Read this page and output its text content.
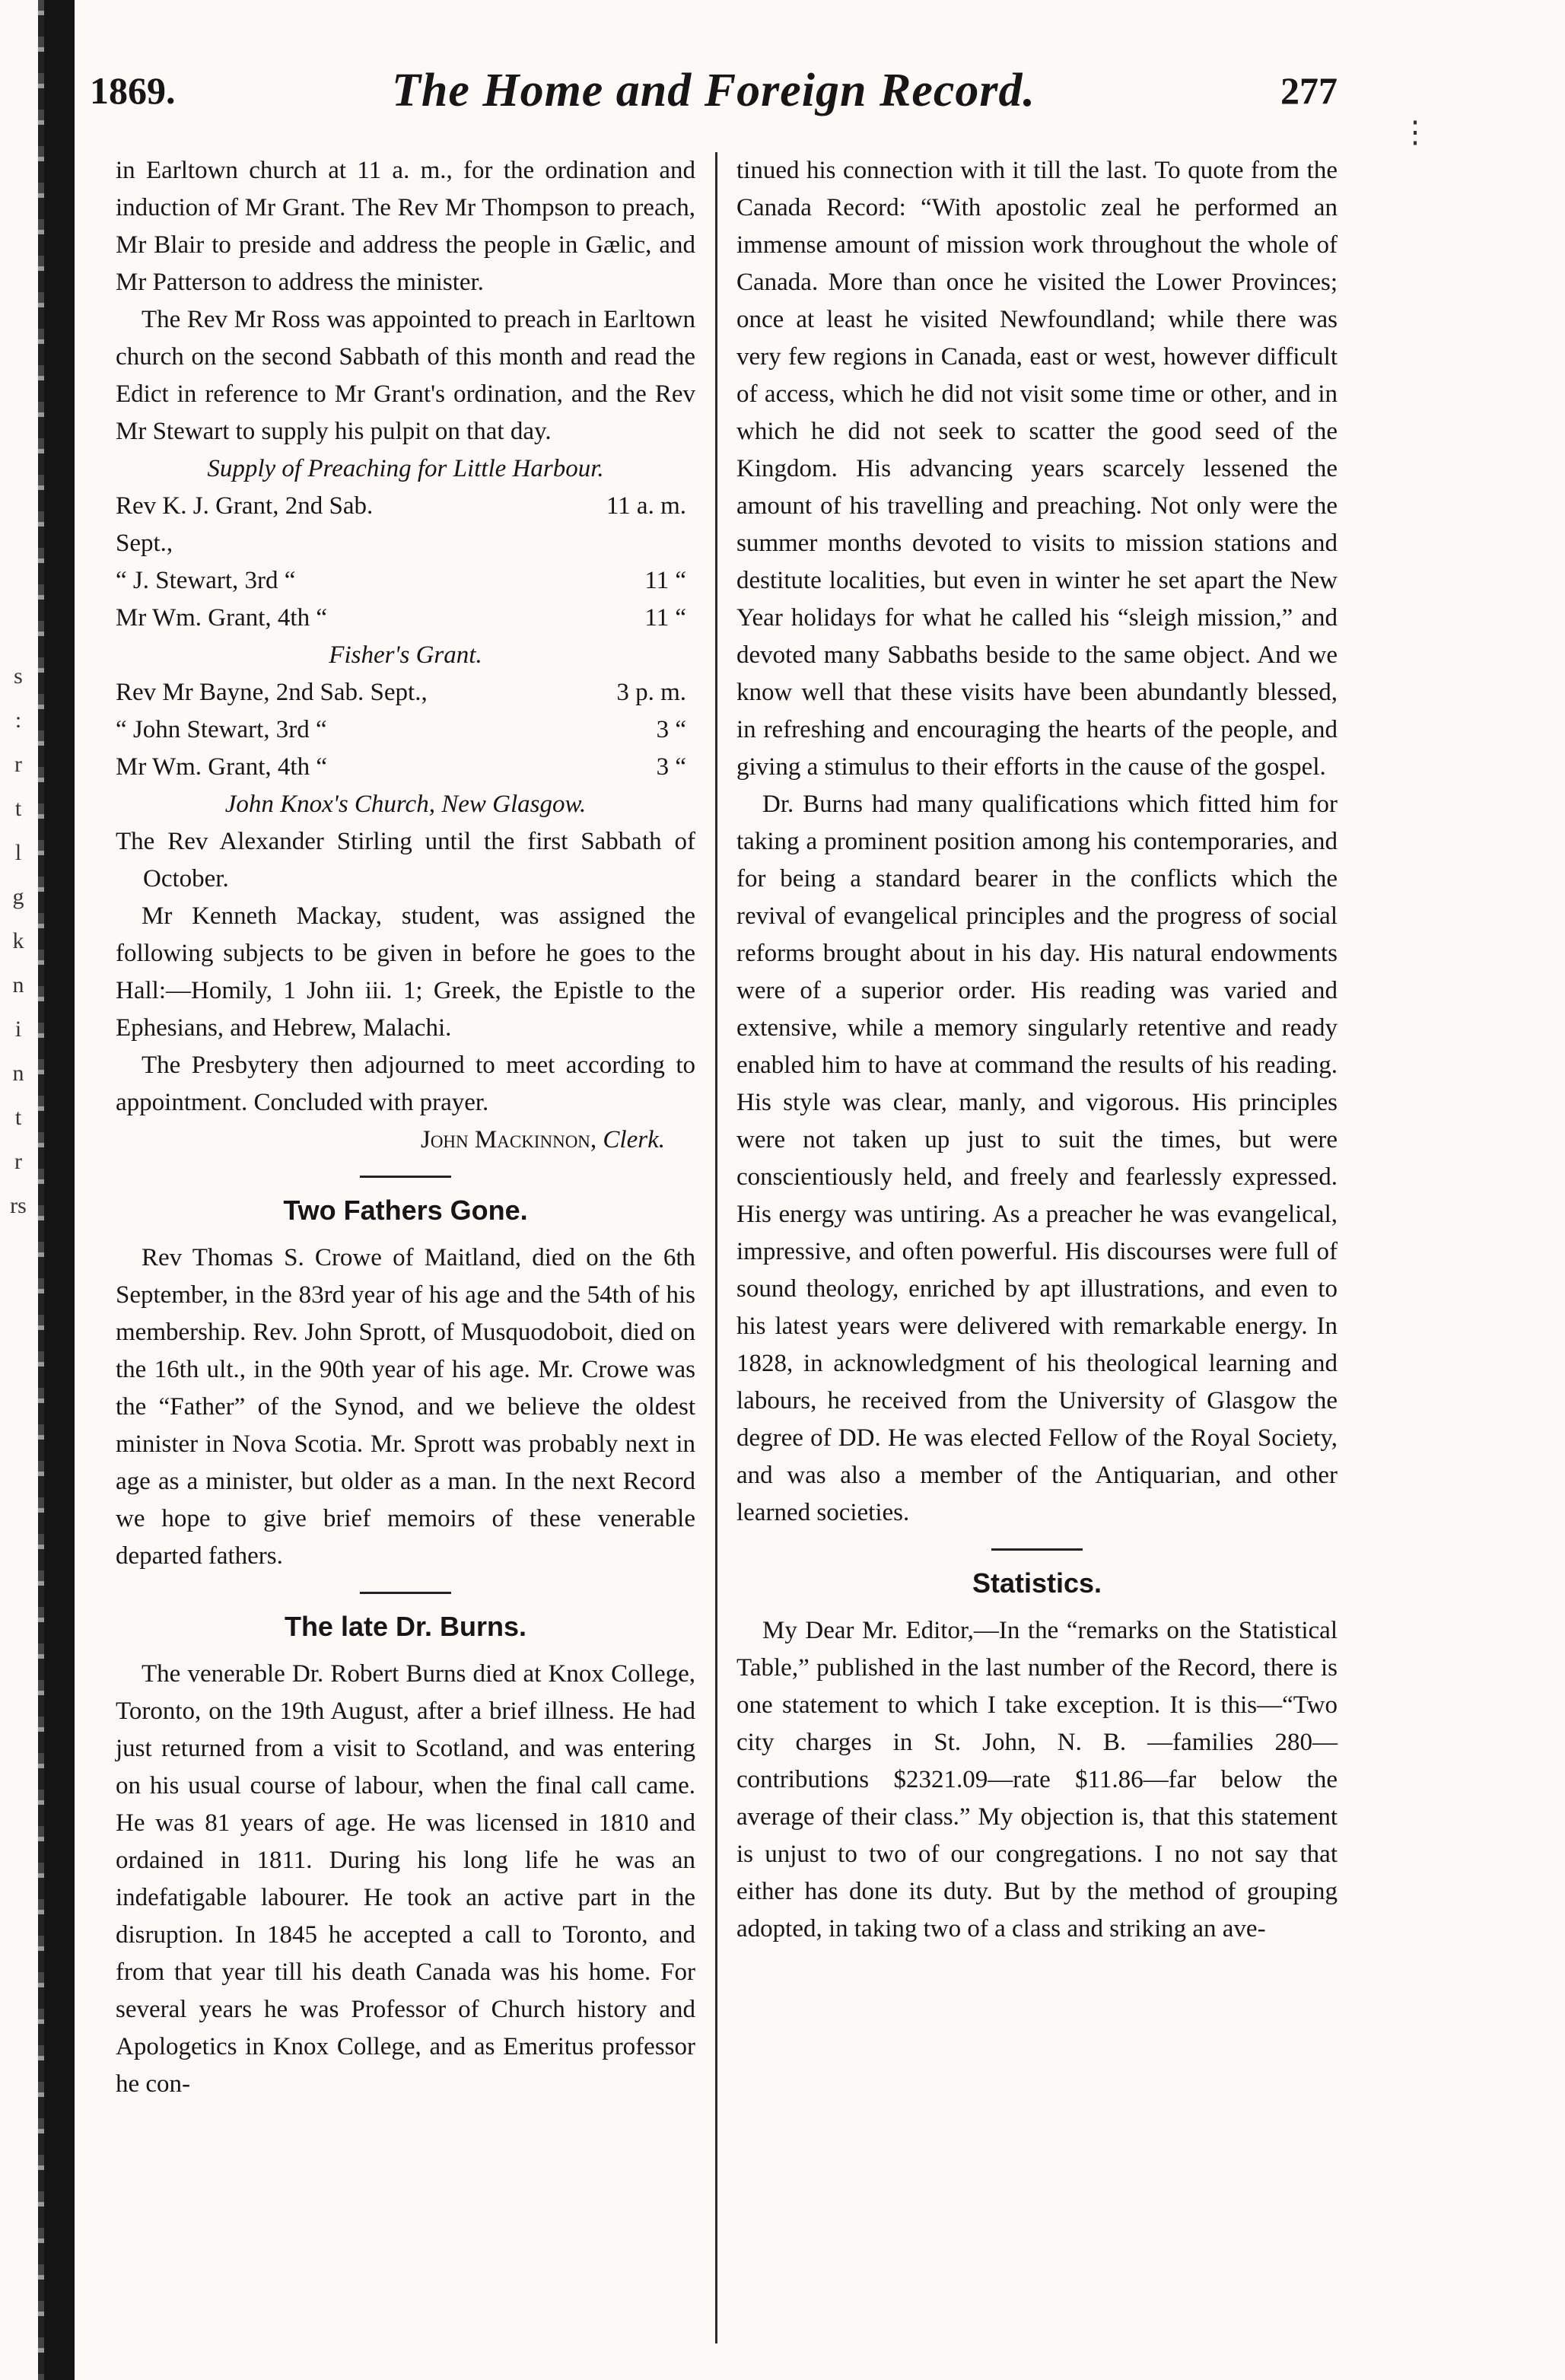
s
:
r
t
l
g
k
n
i
n
t
r
rs
⋮
1869.	The Home and Foreign Record.	277

in Earltown church at 11 a. m., for the ordination and induction of Mr Grant. The Rev Mr Thompson to preach, Mr Blair to preside and address the people in Gælic, and Mr Patterson to address the minister.

The Rev Mr Ross was appointed to preach in Earltown church on the second Sabbath of this month and read the Edict in reference to Mr Grant's ordination, and the Rev Mr Stewart to supply his pulpit on that day.

Supply of Preaching for Little Harbour.

Rev K. J. Grant, 2nd Sab. Sept.,
11 a. m.
“ J. Stewart, 3rd “	11 “
Mr Wm. Grant, 4th “	11 “

Fisher's Grant.

Rev Mr Bayne, 2nd Sab. Sept.,	3 p. m.
“ John Stewart, 3rd “	3 “
Mr Wm. Grant, 4th “	3 “

John Knox's Church, New Glasgow.

The Rev Alexander Stirling until the first Sabbath of October.

Mr Kenneth Mackay, student, was assigned the following subjects to be given in before he goes to the Hall:—Homily, 1 John iii. 1; Greek, the Epistle to the Ephesians, and Hebrew, Malachi.

The Presbytery then adjourned to meet according to appointment. Concluded with prayer.

John Mackinnon, Clerk.

Two Fathers Gone.

Rev Thomas S. Crowe of Maitland, died on the 6th September, in the 83rd year of his age and the 54th of his membership. Rev. John Sprott, of Musquodoboit, died on the 16th ult., in the 90th year of his age. Mr. Crowe was the “Father” of the Synod, and we believe the oldest minister in Nova Scotia. Mr. Sprott was probably next in age as a minister, but older as a man. In the next Record we hope to give brief memoirs of these venerable departed fathers.

The late Dr. Burns.

The venerable Dr. Robert Burns died at Knox College, Toronto, on the 19th August, after a brief illness. He had just returned from a visit to Scotland, and was entering on his usual course of labour, when the final call came. He was 81 years of age. He was licensed in 1810 and ordained in 1811. During his long life he was an indefatigable labourer. He took an active part in the disruption. In 1845 he accepted a call to Toronto, and from that year till his death Canada was his home. For several years he was Professor of Church history and Apologetics in Knox College, and as Emeritus professor he con-

tinued his connection with it till the last. To quote from the Canada Record: “With apostolic zeal he performed an immense amount of mission work throughout the whole of Canada. More than once he visited the Lower Provinces; once at least he visited Newfoundland; while there was very few regions in Canada, east or west, however difficult of access, which he did not visit some time or other, and in which he did not seek to scatter the good seed of the Kingdom. His advancing years scarcely lessened the amount of his travelling and preaching. Not only were the summer months devoted to visits to mission stations and destitute localities, but even in winter he set apart the New Year holidays for what he called his “sleigh mission,” and devoted many Sabbaths beside to the same object. And we know well that these visits have been abundantly blessed, in refreshing and encouraging the hearts of the people, and giving a stimulus to their efforts in the cause of the gospel.

Dr. Burns had many qualifications which fitted him for taking a prominent position among his contemporaries, and for being a standard bearer in the conflicts which the revival of evangelical principles and the progress of social reforms brought about in his day. His natural endowments were of a superior order. His reading was varied and extensive, while a memory singularly retentive and ready enabled him to have at command the results of his reading. His style was clear, manly, and vigorous. His principles were not taken up just to suit the times, but were conscientiously held, and freely and fearlessly expressed. His energy was untiring. As a preacher he was evangelical, impressive, and often powerful. His discourses were full of sound theology, enriched by apt illustrations, and even to his latest years were delivered with remarkable energy. In 1828, in acknowledgment of his theological learning and labours, he received from the University of Glasgow the degree of DD. He was elected Fellow of the Royal Society, and was also a member of the Antiquarian, and other learned societies.

Statistics.

My Dear Mr. Editor,—In the “remarks on the Statistical Table,” published in the last number of the Record, there is one statement to which I take exception. It is this—“Two city charges in St. John, N. B. —families 280—contributions $2321.09—rate $11.86—far below the average of their class.” My objection is, that this statement is unjust to two of our congregations. I no not say that either has done its duty. But by the method of grouping adopted, in taking two of a class and striking an ave-
